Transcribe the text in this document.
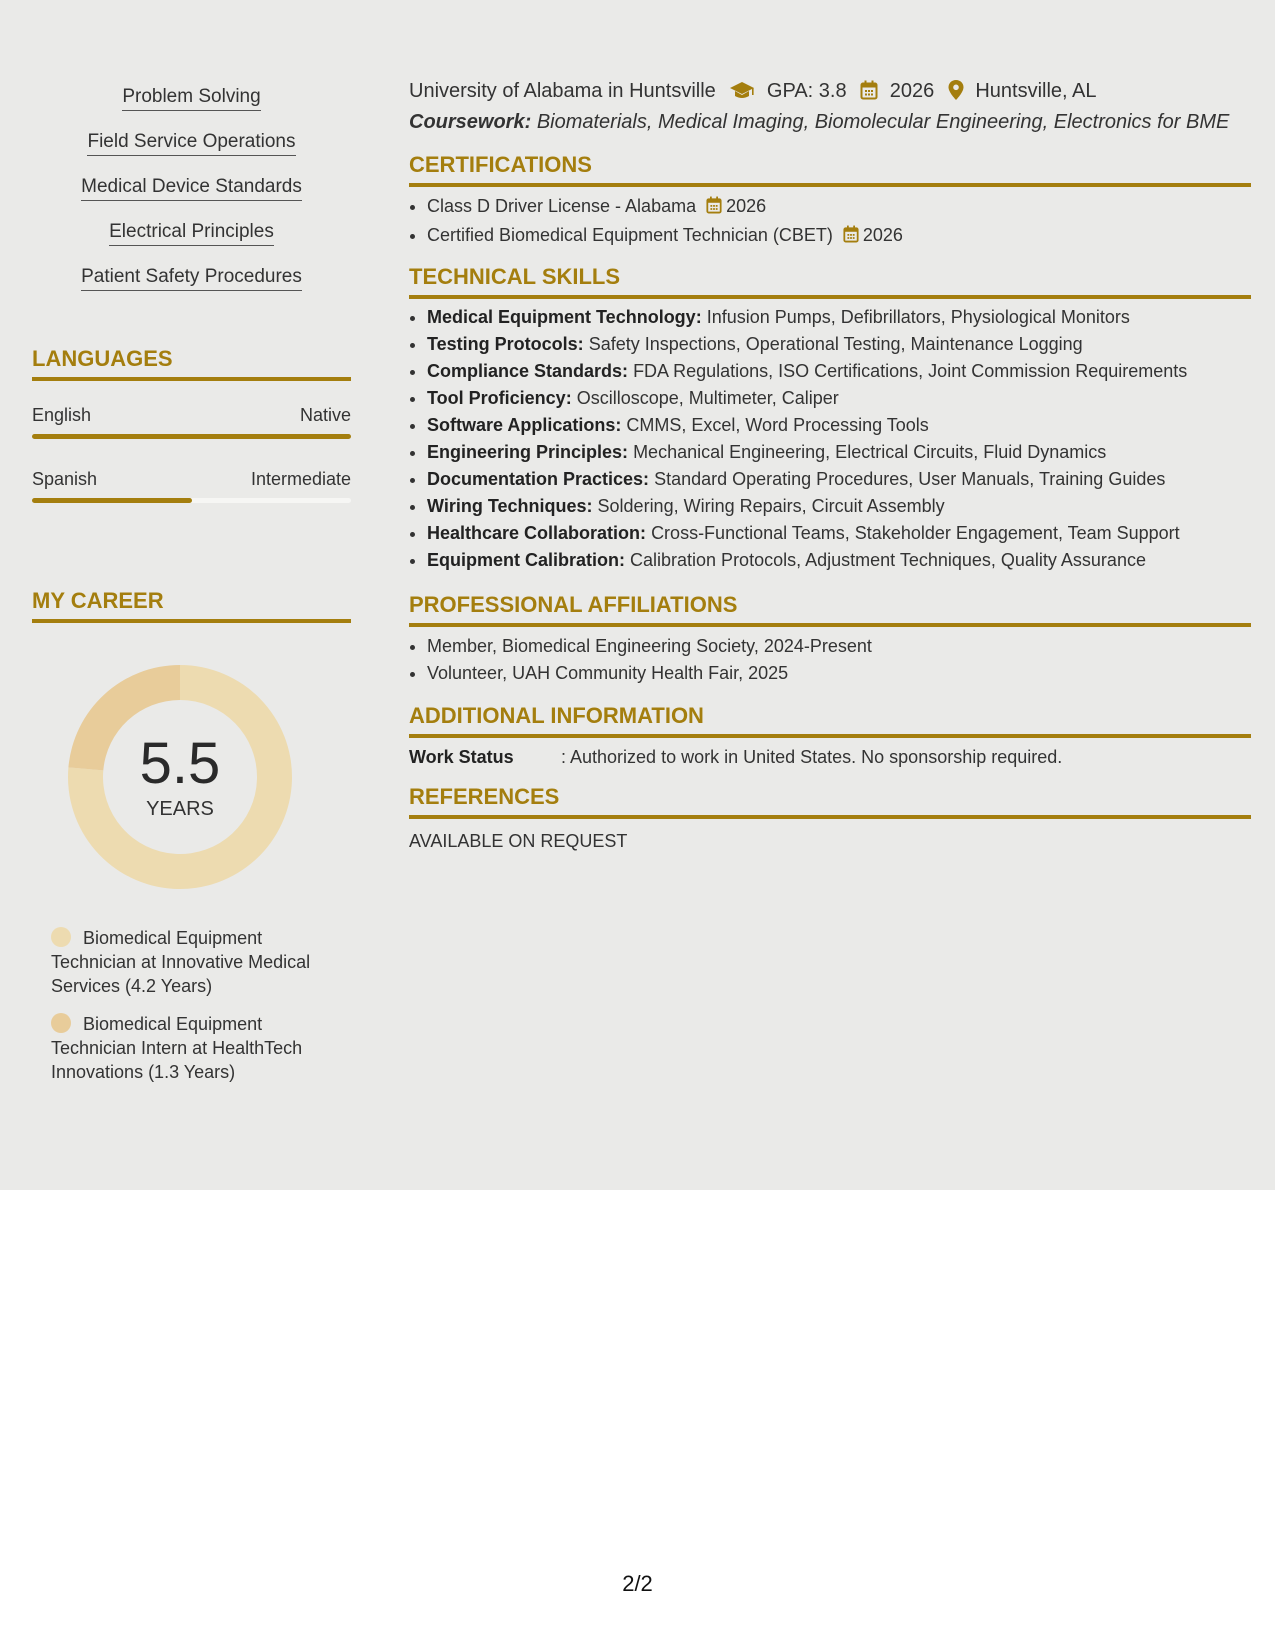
Problem Solving
Field Service Operations
Medical Device Standards
Electrical Principles
Patient Safety Procedures
LANGUAGES
English	Native
Spanish	Intermediate
MY CAREER
5.5
YEARS
Biomedical Equipment Technician at Innovative Medical Services (4.2 Years)
Biomedical Equipment Technician Intern at HealthTech Innovations (1.3 Years)
University of Alabama in Huntsville	GPA: 3.8 2026 Huntsville, AL
Coursework: Biomaterials, Medical Imaging, Biomolecular Engineering, Electronics for BME
CERTIFICATIONS
• Class D Driver License - Alabama 2026
• Certified Biomedical Equipment Technician (CBET) 2026
TECHNICAL SKILLS
• Medical Equipment Technology: Infusion Pumps, Defibrillators, Physiological Monitors
• Testing Protocols: Safety Inspections, Operational Testing, Maintenance Logging
• Compliance Standards: FDA Regulations, ISO Certifications, Joint Commission Requirements
• Tool Proficiency: Oscilloscope, Multimeter, Caliper
• Software Applications: CMMS, Excel, Word Processing Tools
• Engineering Principles: Mechanical Engineering, Electrical Circuits, Fluid Dynamics
• Documentation Practices: Standard Operating Procedures, User Manuals, Training Guides
• Wiring Techniques: Soldering, Wiring Repairs, Circuit Assembly
• Healthcare Collaboration: Cross-Functional Teams, Stakeholder Engagement, Team Support
• Equipment Calibration: Calibration Protocols, Adjustment Techniques, Quality Assurance
PROFESSIONAL AFFILIATIONS
• Member, Biomedical Engineering Society, 2024-Present
• Volunteer, UAH Community Health Fair, 2025
ADDITIONAL INFORMATION
Work Status	: Authorized to work in United States. No sponsorship required.
REFERENCES
AVAILABLE ON REQUEST
2/2
